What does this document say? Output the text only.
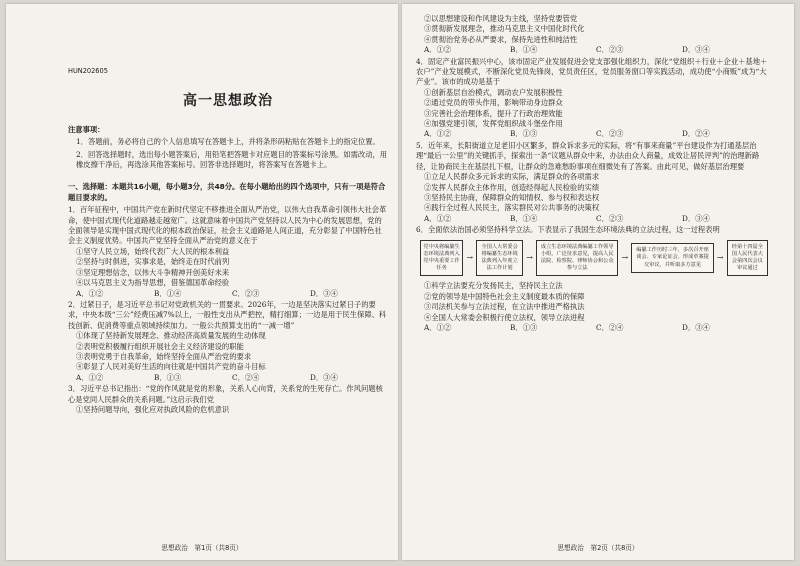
HUN202605
高一思想政治
注意事项：
1．答题前，务必将自己的个人信息填写在答题卡上，并将条形码粘贴在答题卡上的指定位置。
2．回答选择题时，选出每小题答案后，用铅笔把答题卡对应题目的答案标号涂黑。如需改动，用橡皮擦干净后，再选涂其他答案标号。回答非选择题时，将答案写在答题卡上。
一、选择题：本题共16小题，每小题3分，共48分。在每小题给出的四个选项中，只有一项是符合题目要求的。
1．百年征程中，中国共产党在新时代坚定不移推进全面从严治党，以伟大自我革命引领伟大社会革命，使中国式现代化道路越走越宽广。这就意味着中国共产党坚持以人民为中心的发展思想，党的全面领导是实现中国式现代化的根本政治保证，社会主义道路是人间正道，充分彰显了中国特色社会主义制度优势。中国共产党坚持全面从严治党的意义在于
①坚守人民立场，始终代表广大人民的根本利益
②坚持与时俱进，实事求是，始终走在时代前列
③坚定理想信念，以伟大斗争精神开创美好未来
④以马克思主义为指导思想，借鉴德国革命经验
A．①②	B．①④	C．②③	D．③④
2．过紧日子，是习近平总书记对党政机关的一贯要求。2026年，一边是坚决落实过紧日子的要求，中央本级“三公”经费压减7%以上，一般性支出从严把控，精打细算；一边是用于民生保障、科技创新、促消费等重点领域持续加力。一般公共预算支出的“一减一增”
①体现了坚持新发展理念、推动经济高质量发展的生动体现
②表明党积极履行组织开展社会主义经济建设的职能
③表明党勇于自我革命，始终坚持全面从严治党的要求
④彰显了人民对美好生活的向往就是中国共产党的奋斗目标
A．①②	B．①③	C．②④	D．③④
3．习近平总书记指出：“党的作风就是党的形象，关系人心向背，关系党的生死存亡。作风问题核心是党同人民群众的关系问题。”这启示我们党
①坚持问题导向，强化应对执政风险的危机意识
思想政治　第1页（共8页）
②以思想建设和作风建设为主线，坚持党要管党
③贯彻新发展理念，推动马克思主义中国化时代化
④贯彻治党务必从严要求，保持先进性和纯洁性
A．①②	B．①④	C．②③	D．③④
4．固定产业富民振兴中心，该市固定产业发展促进会党支部强化组织力，深化“党组织＋行业＋企业＋基地＋农户”产业发展模式，不断深化党员先锋岗，党员责任区，党员服务窗口等实践活动，成功使“小商贩”成为“大产业”。该市的成功是基于
①创新基层自治模式，调动农户发展积极性
②通过党员的带头作用，影响带动身边群众
③完善社会治理体系，提升了行政治理效能
④加强党建引领，发挥党组织战斗堡垒作用
A．①②	B．①③	C．②③	D．②④
5．近年来，长阳街道立足老旧小区繁多，群众诉求多元的实际，将“有事来商量”平台建设作为打通基层治理“最后一公里”的关键抓手，探索出一条“议题从群众中来，办法由众人商量，成效让居民评判”的治理新路径，让协商民主在基层扎下根，让群众的急难愁盼事项在细微处有了答案。由此可见，做好基层治理要
①立足人民群众多元诉求的实际，满足群众的各项需求
②发挥人民群众主体作用，创造经得起人民检验的实绩
③坚持民主协商，保障群众的知情权、参与权和表达权
④践行全过程人民民主，落实群民对公共事务的决策权
A．①②	B．①④	C．②③	D．③④
6．全面依法治国必须坚持科学立法。下表显示了我国生态环境法典的立法过程，这一过程表明
党中央将编纂生态环境法典列入党中央重要工作任务
→
全国人大常委会将编纂生态环境法典列入年度立法工作计划
→
成立生态环境法典编纂工作领导小组，广泛征求意见，提高人民法院、检察院、律师协会和公众参与立法
→
编纂工作历时三年，多次召开座谈会、专家论证会，形成草案提交审议，并听取多方意见
→
经第十四届全国人民代表大会第四次会议审议通过
①科学立法要充分发扬民主，坚持民主立法
②党的领导是中国特色社会主义制度最本质的保障
③司法机关参与立法过程，在立法中推进严格执法
④全国人大常委会积极行使立法权，领导立法进程
A．①②	B．①③	C．②④	D．③④
思想政治　第2页（共8页）
